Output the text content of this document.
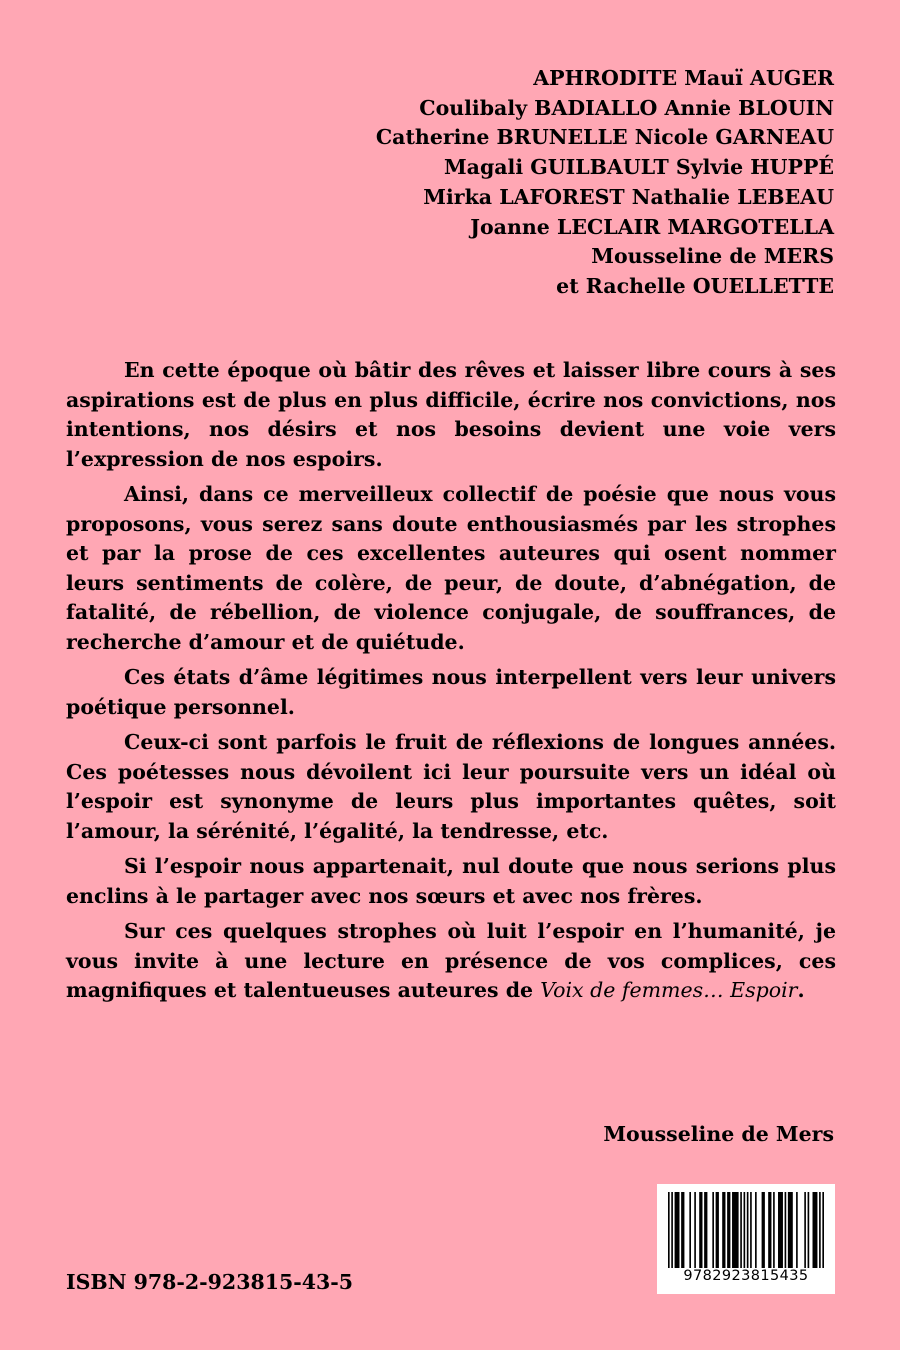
APHRODITE Mauï AUGER
Coulibaly BADIALLO Annie BLOUIN
Catherine BRUNELLE Nicole GARNEAU
Magali GUILBAULT Sylvie HUPPÉ
Mirka LAFOREST Nathalie LEBEAU
Joanne LECLAIR MARGOTELLA
Mousseline de MERS
et Rachelle OUELLETTE

En cette époque où bâtir des rêves et laisser libre cours à ses aspirations est de plus en plus difficile, écrire nos convictions, nos intentions, nos désirs et nos besoins devient une voie vers l’expression de nos espoirs.

Ainsi, dans ce merveilleux collectif de poésie que nous vous proposons, vous serez sans doute enthousiasmés par les strophes et par la prose de ces excellentes auteures qui osent nommer leurs sentiments de colère, de peur, de doute, d’abnégation, de fatalité, de rébellion, de violence conjugale, de souffrances, de recherche d’amour et de quiétude.

Ces états d’âme légitimes nous interpellent vers leur univers poétique personnel.

Ceux-ci sont parfois le fruit de réflexions de longues années. Ces poétesses nous dévoilent ici leur poursuite vers un idéal où l’espoir est synonyme de leurs plus importantes quêtes, soit l’amour, la sérénité, l’égalité, la tendresse, etc.

Si l’espoir nous appartenait, nul doute que nous serions plus enclins à le partager avec nos sœurs et avec nos frères.

Sur ces quelques strophes où luit l’espoir en l’humanité, je vous invite à une lecture en présence de vos complices, ces magnifiques et talentueuses auteures de Voix de femmes… Espoir.

Mousseline de Mers
ISBN 978-2-923815-43-5	9782923815435
